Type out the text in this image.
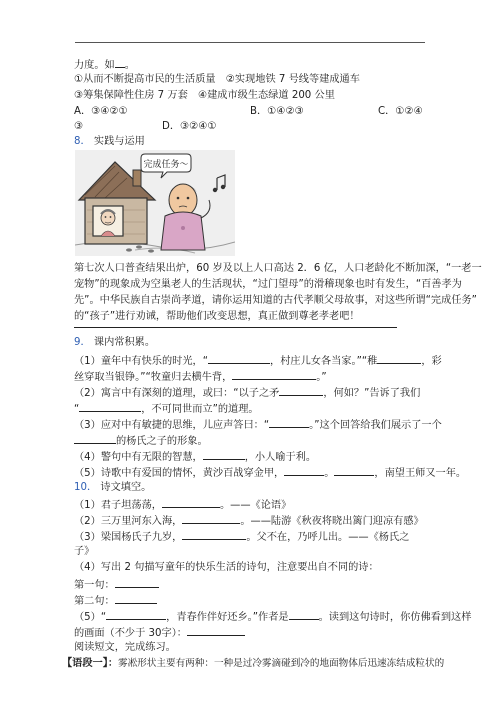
力度。如 。
①从而不断提高市民的生活质量　②实现地铁 7 号线等建成通车
③筹集保障性住房 7 万套　④建成市级生态绿道 200 公里
A．③④②①	B．①④②③	C．①②④
③	D．③②④①
8． 实践与运用
完成任务～
第七次人口普查结果出炉，60 岁及以上人口高达 2．6 亿，人口老龄化不断加深，“一老一
宠物”的现象成为空巢老人的生活现状，“过门望母”的滑稽现象也时有发生，“百善孝为
先”。中华民族自古崇尚孝道，请你运用知道的古代孝顺父母故事，对这些所谓“完成任务”
的“孩子”进行劝诫，帮助他们改变思想，真正做到尊老孝老吧！
9． 课内常积累。
（1）童年中有快乐的时光，“	，村庄儿女各当家。”“稚	，彩
丝穿取当银铮。”“牧童归去横牛背，	。”
（2）寓言中有深刻的道理，或曰：“以子之矛	，何如？”告诉了我们
“	，不可同世而立”的道理。
（3）应对中有敏捷的思维，儿应声答曰：“	。”这个回答给我们展示了一个
的杨氏之子的形象。
（4）警句中有无限的智慧，	，小人喻于利。
（5）诗歌中有爱国的情怀，黄沙百战穿金甲，	。	，南望王师又一年。
10． 诗文填空。
（1）君子坦荡荡，	。——《论语》
（2）三万里河东入海，	。——陆游《秋夜将晓出篱门迎凉有感》
（3）梁国杨氏子九岁，	。父不在，乃呼儿出。——《杨氏之
子》
（4）写出 2 句描写童年的快乐生活的诗句，注意要出自不同的诗：
第一句：
第二句：
（5）“	，青春作伴好还乡。”作者是	。读到这句诗时，你仿佛看到这样
的画面（不少于 30字）：
阅读短文，完成练习。
【语段一】：雾凇形状主要有两种：一种是过冷雾滴碰到冷的地面物体后迅速冻结成粒状的
